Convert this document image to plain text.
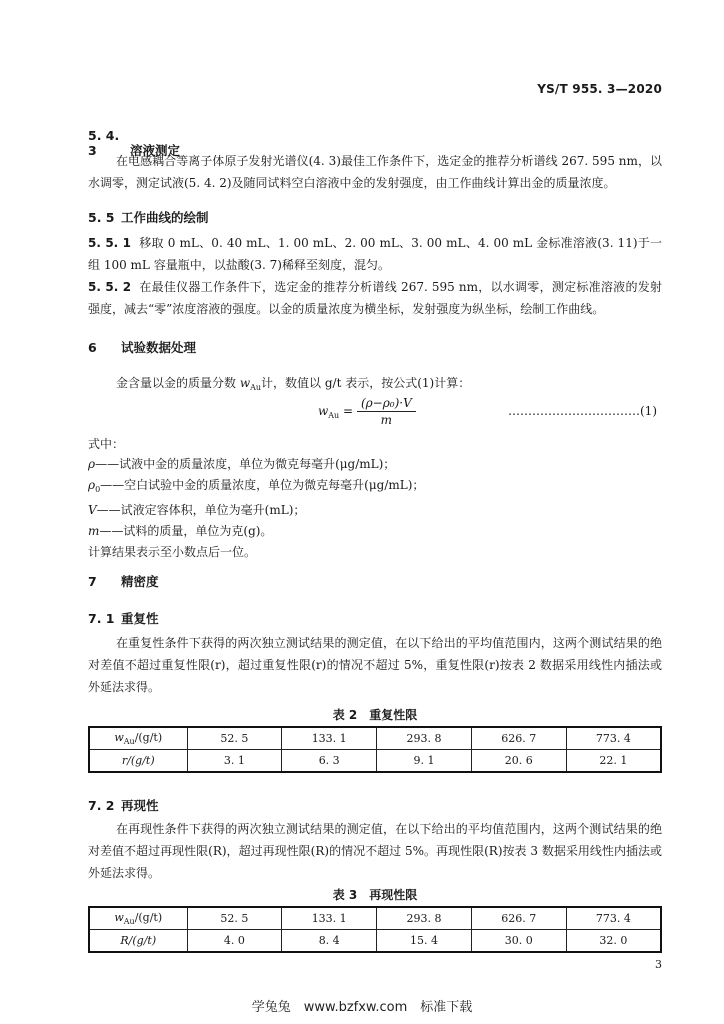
YS/T 955. 3—2020
5. 4. 3	溶液测定
在电感耦合等离子体原子发射光谱仪(4. 3)最佳工作条件下，选定金的推荐分析谱线 267. 595 nm，以水调零，测定试液(5. 4. 2)及随同试料空白溶液中金的发射强度，由工作曲线计算出金的质量浓度。
5. 5 工作曲线的绘制
5. 5. 1 移取 0 mL、0. 40 mL、1. 00 mL、2. 00 mL、3. 00 mL、4. 00 mL 金标准溶液(3. 11)于一组 100 mL 容量瓶中，以盐酸(3. 7)稀释至刻度，混匀。
5. 5. 2 在最佳仪器工作条件下，选定金的推荐分析谱线 267. 595 nm，以水调零，测定标准溶液的发射强度，减去“零”浓度溶液的强度。以金的质量浓度为横坐标，发射强度为纵坐标，绘制工作曲线。
6 试验数据处理
金含量以金的质量分数 $w_{Au}$计，数值以 g/t 表示，按公式(1)计算：
$w_{Au} = \frac{\text{(ρ−ρ₀)·V}}{m}$	……………………………(1)
式中：
ρ——试液中金的质量浓度，单位为微克每毫升(μg/mL)；
$\rho_0——$空白试验中金的质量浓度，单位为微克每毫升(μg/mL)；
V——试液定容体积，单位为毫升(mL)；
m——试料的质量，单位为克(g)。
计算结果表示至小数点后一位。
7 精密度
7. 1 重复性
在重复性条件下获得的两次独立测试结果的测定值，在以下给出的平均值范围内，这两个测试结果的绝对差值不超过重复性限(r)，超过重复性限(r)的情况不超过 5%，重复性限(r)按表 2 数据采用线性内插法或外延法求得。
表 2　重复性限
$w_{Au}/(g/t)$	52. 5	133. 1	293. 8	626. 7	773. 4
r/(g/t)	3. 1	6. 3	9. 1	20. 6	22. 1
7. 2 再现性
在再现性条件下获得的两次独立测试结果的测定值，在以下给出的平均值范围内，这两个测试结果的绝对差值不超过再现性限(R)，超过再现性限(R)的情况不超过 5%。再现性限(R)按表 3 数据采用线性内插法或外延法求得。
表 3　再现性限
$w_{Au}/(g/t)$	52. 5	133. 1	293. 8	626. 7	773. 4
R/(g/t)	4. 0	8. 4	15. 4	30. 0	32. 0
3
学兔兔　www.bzfxw.com　标准下载
